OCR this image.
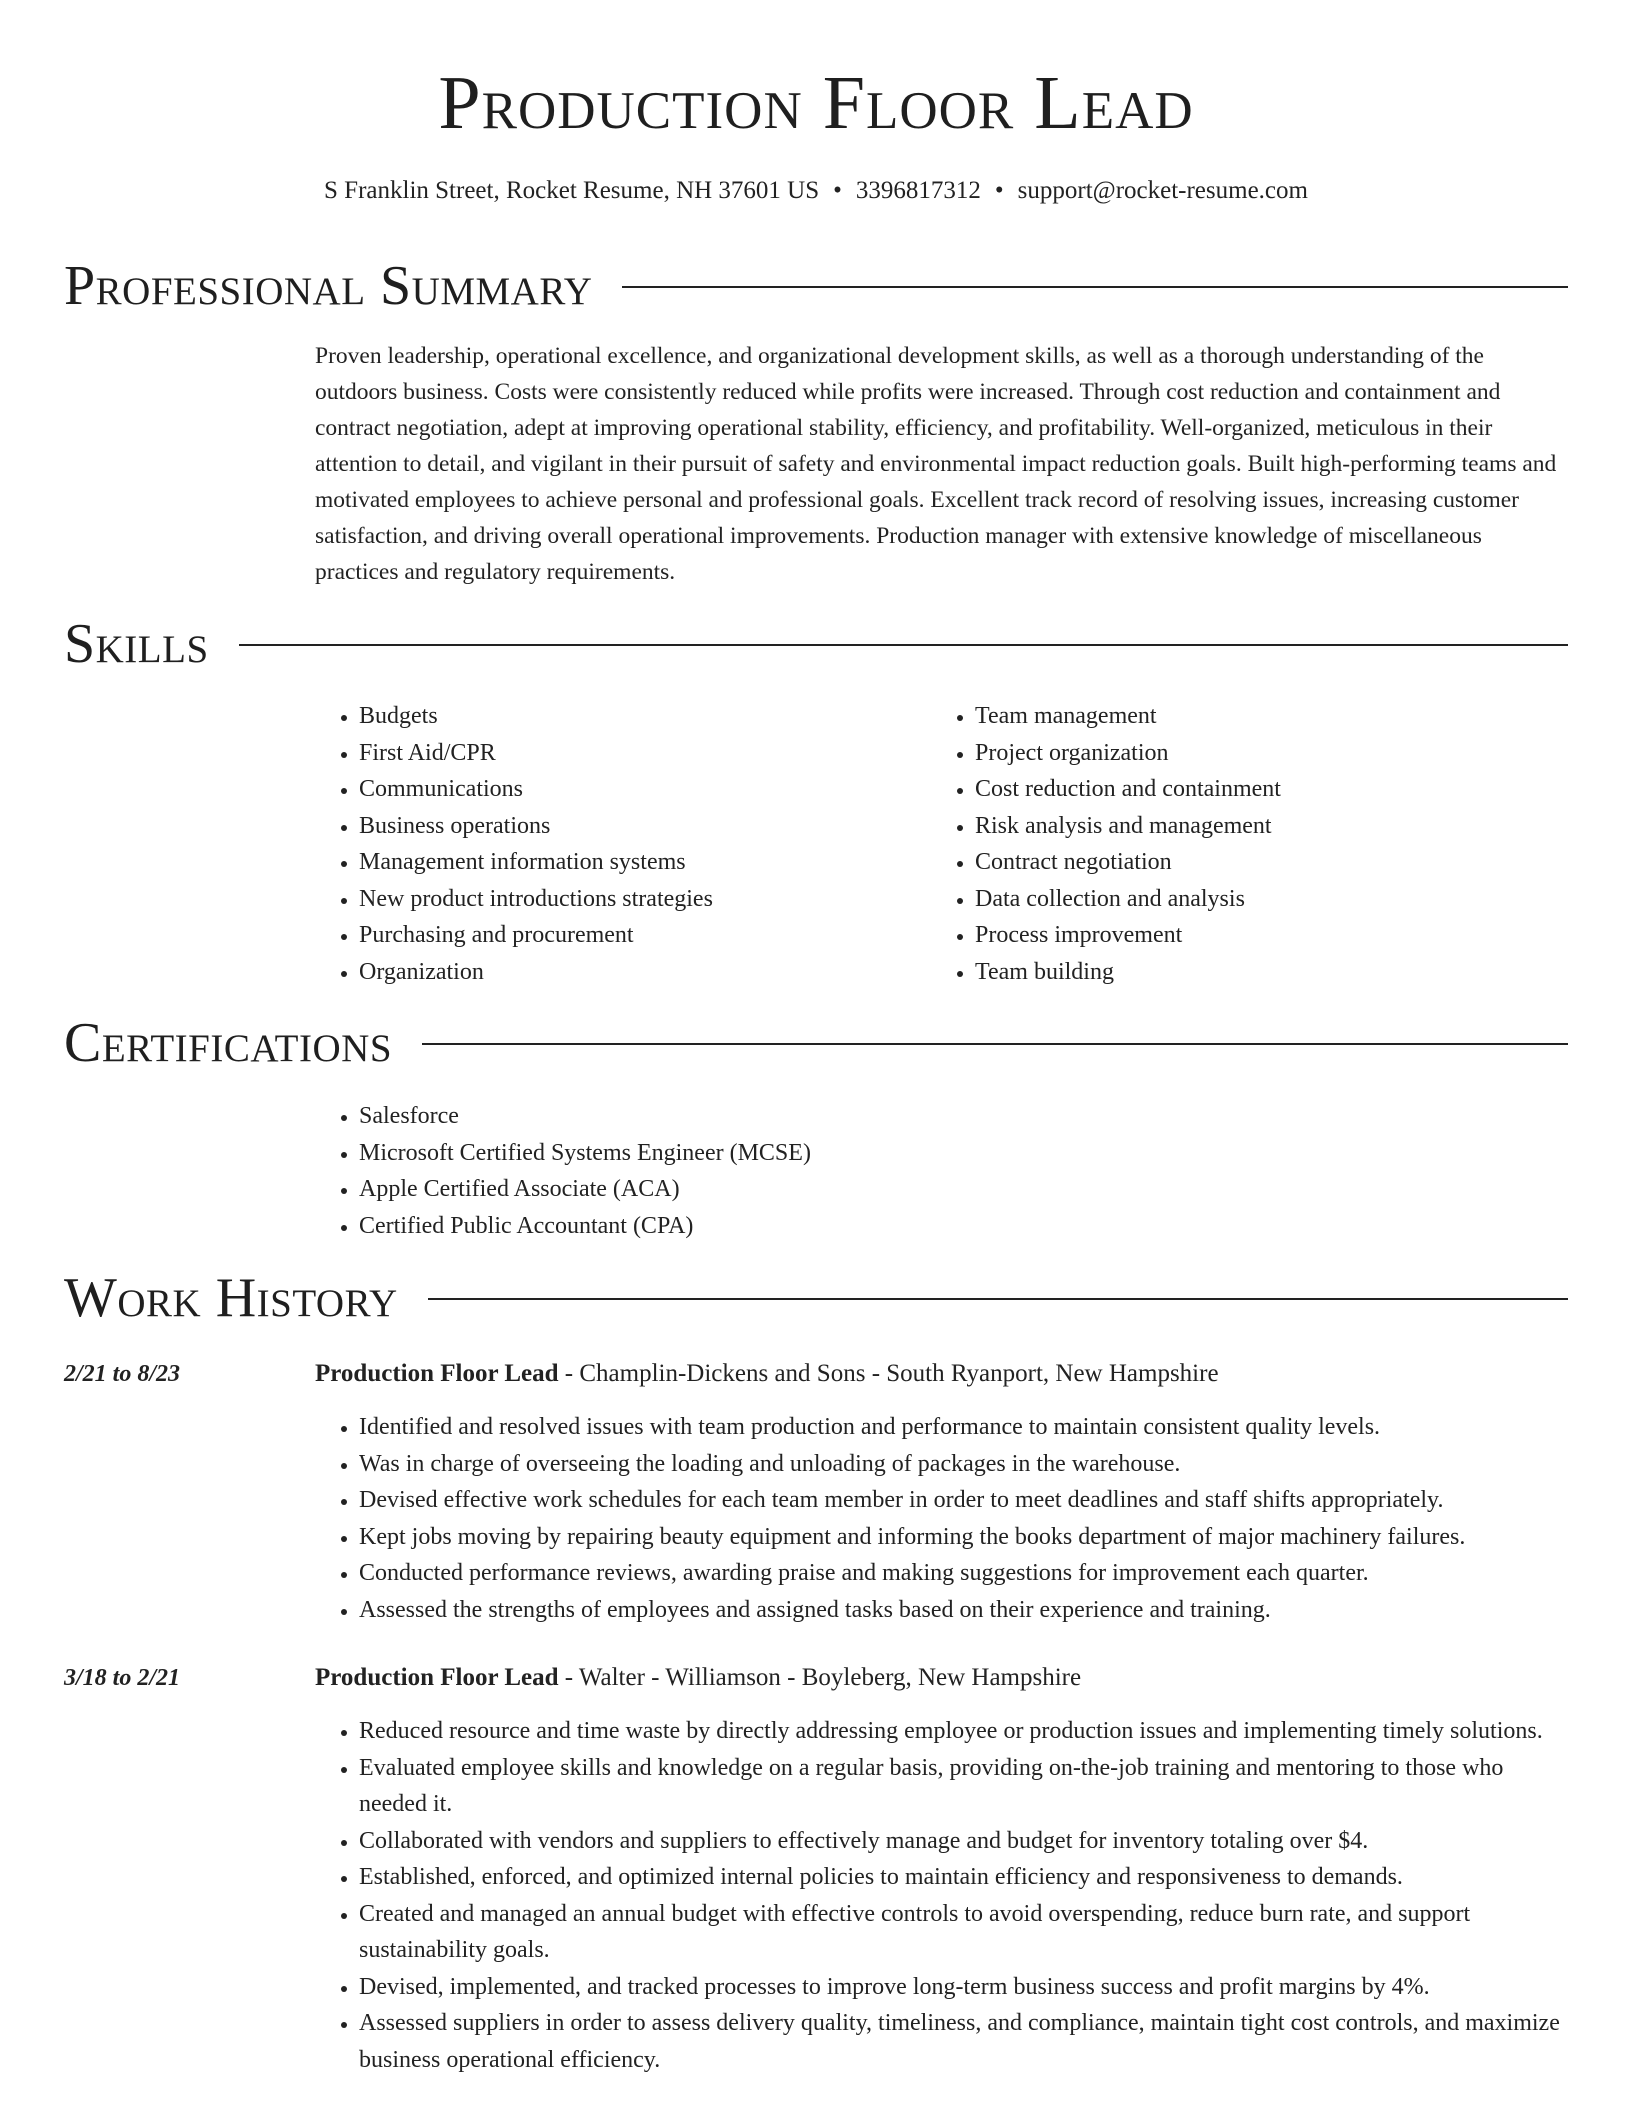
Production Floor Lead
S Franklin Street, Rocket Resume, NH 37601 US • 3396817312 • support@rocket-resume.com
Professional Summary

Proven leadership, operational excellence, and organizational development skills, as well as a thorough understanding of the outdoors business. Costs were consistently reduced while profits were increased. Through cost reduction and containment and contract negotiation, adept at improving operational stability, efficiency, and profitability. Well-organized, meticulous in their attention to detail, and vigilant in their pursuit of safety and environmental impact reduction goals. Built high-performing teams and motivated employees to achieve personal and professional goals. Excellent track record of resolving issues, increasing customer satisfaction, and driving overall operational improvements. Production manager with extensive knowledge of miscellaneous practices and regulatory requirements.

Skills
• Budgets
• First Aid/CPR
• Communications
• Business operations
• Management information systems
• New product introductions strategies
• Purchasing and procurement
• Organization
• Team management
• Project organization
• Cost reduction and containment
• Risk analysis and management
• Contract negotiation
• Data collection and analysis
• Process improvement
• Team building
Certifications
• Salesforce
• Microsoft Certified Systems Engineer (MCSE)
• Apple Certified Associate (ACA)
• Certified Public Accountant (CPA)
Work History
2/21 to 8/23	Production Floor Lead - Champlin-Dickens and Sons - South Ryanport, New Hampshire
• Identified and resolved issues with team production and performance to maintain consistent quality levels.
• Was in charge of overseeing the loading and unloading of packages in the warehouse.
• Devised effective work schedules for each team member in order to meet deadlines and staff shifts appropriately.
• Kept jobs moving by repairing beauty equipment and informing the books department of major machinery failures.
• Conducted performance reviews, awarding praise and making suggestions for improvement each quarter.
• Assessed the strengths of employees and assigned tasks based on their experience and training.
3/18 to 2/21	Production Floor Lead - Walter - Williamson - Boyleberg, New Hampshire
• Reduced resource and time waste by directly addressing employee or production issues and implementing timely solutions.
• Evaluated employee skills and knowledge on a regular basis, providing on-the-job training and mentoring to those who needed it.
• Collaborated with vendors and suppliers to effectively manage and budget for inventory totaling over $4.
• Established, enforced, and optimized internal policies to maintain efficiency and responsiveness to demands.
• Created and managed an annual budget with effective controls to avoid overspending, reduce burn rate, and support sustainability goals.
• Devised, implemented, and tracked processes to improve long-term business success and profit margins by 4%.
• Assessed suppliers in order to assess delivery quality, timeliness, and compliance, maintain tight cost controls, and maximize business operational efficiency.
